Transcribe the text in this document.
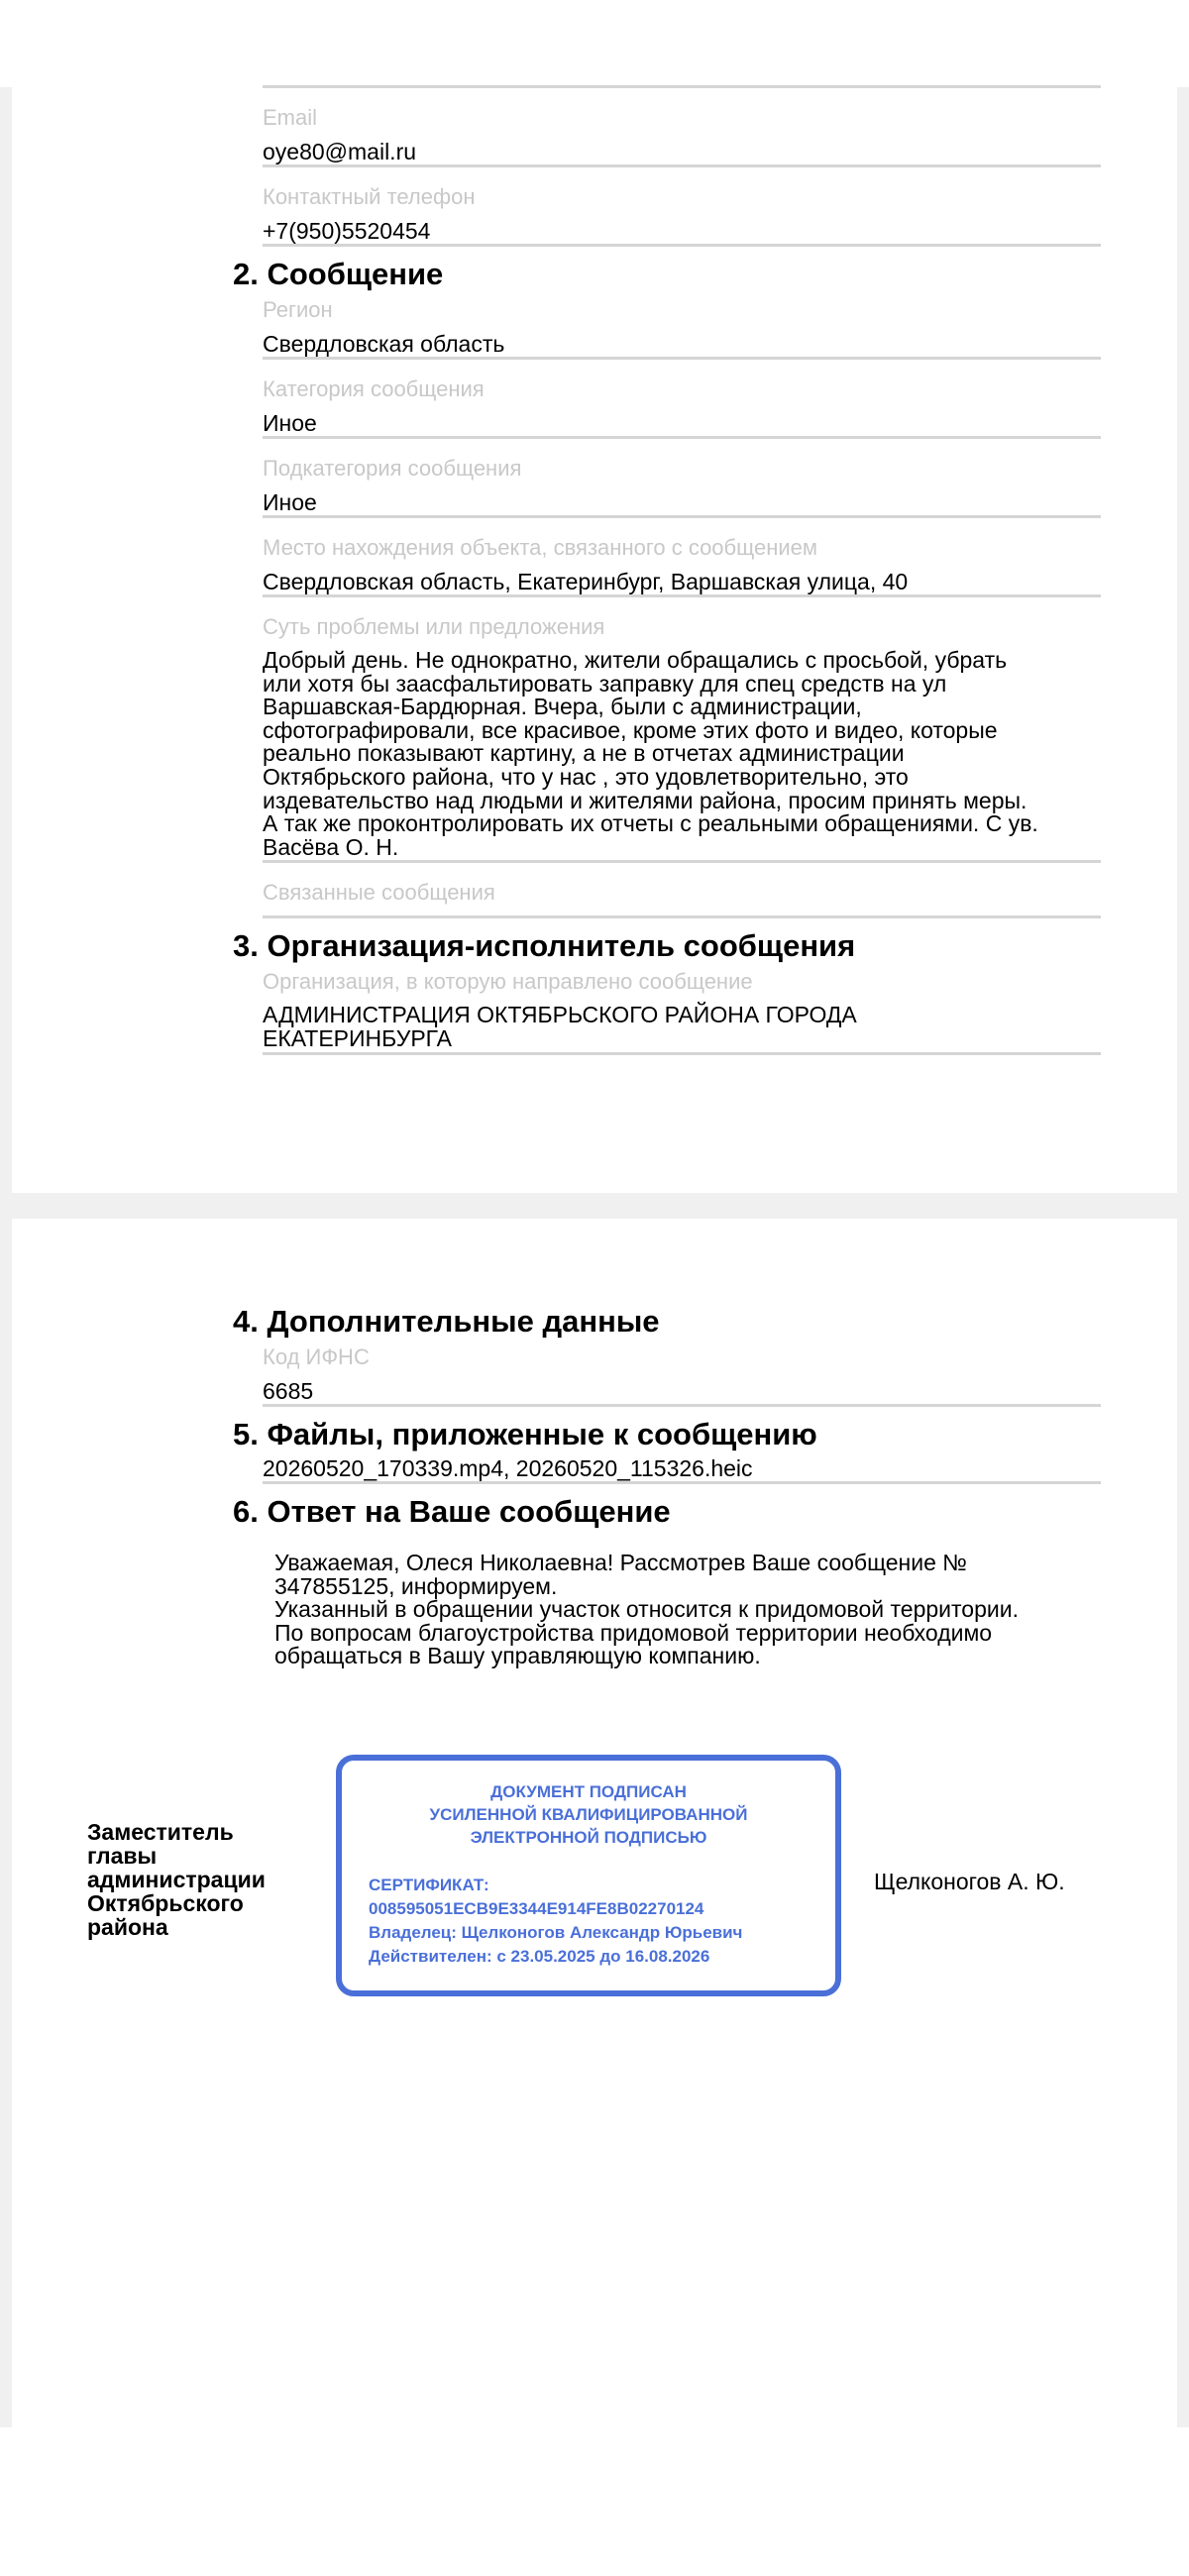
Email
oye80@mail.ru
Контактный телефон
+7(950)5520454
2. Сообщение
Регион
Свердловская область
Категория сообщения
Иное
Подкатегория сообщения
Иное
Место нахождения объекта, связанного с сообщением
Свердловская область, Екатеринбург, Варшавская улица, 40
Суть проблемы или предложения
Добрый день. Не однократно, жители обращались с просьбой, убрать
или хотя бы заасфальтировать заправку для спец средств на ул
Варшавская-Бардюрная. Вчера, были с администрации,
сфотографировали, все красивое, кроме этих фото и видео, которые
реально показывают картину, а не в отчетах администрации
Октябрьского района, что у нас , это удовлетворительно, это
издевательство над людьми и жителями района, просим принять меры.
А так же проконтролировать их отчеты с реальными обращениями. С ув.
Васёва О. Н.
Связанные сообщения
3. Организация-исполнитель сообщения
Организация, в которую направлено сообщение
АДМИНИСТРАЦИЯ ОКТЯБРЬСКОГО РАЙОНА ГОРОДА
ЕКАТЕРИНБУРГА
4. Дополнительные данные
Код ИФНС
6685
5. Файлы, приложенные к сообщению
20260520_170339.mp4, 20260520_115326.heic
6. Ответ на Ваше сообщение

Уважаемая, Олеся Николаевна! Рассмотрев Ваше сообщение №

347855125, информируем.

Указанный в обращении участок относится к придомовой территории.

По вопросам благоустройства придомовой территории необходимо

обращаться в Вашу управляющую компанию.

Заместитель
главы
администрации
Октябрьского
района
ДОКУМЕНТ ПОДПИСАН
УСИЛЕННОЙ КВАЛИФИЦИРОВАННОЙ
ЭЛЕКТРОННОЙ ПОДПИСЬЮ
СЕРТИФИКАТ:
008595051ECB9E3344E914FE8B02270124
Владелец: Щелконогов Александр Юрьевич
Действителен: с 23.05.2025 до 16.08.2026
Щелконогов А. Ю.
